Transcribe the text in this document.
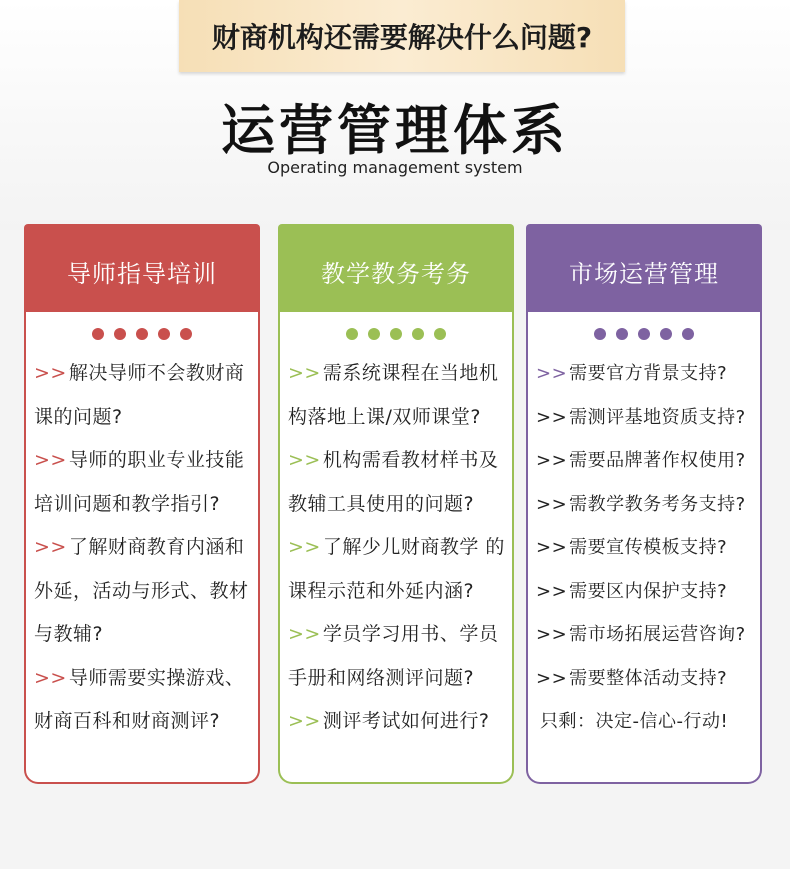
财商机构还需要解决什么问题?
运营管理体系
Operating management system
导师指导培训
>> 解决导师不会教财商课的问题?
>> 导师的职业专业技能培训问题和教学指引?
>> 了解财商教育内涵和外延，活动与形式、教材与教辅?
>> 导师需要实操游戏、财商百科和财商测评?
教学教务考务
>> 需系统课程在当地机构落地上课/双师课堂?
>> 机构需看教材样书及教辅工具使用的问题?
>> 了解少儿财商教学 的课程示范和外延内涵?
>> 学员学习用书、学员手册和网络测评问题?
>> 测评考试如何进行?
市场运营管理
>> 需要官方背景支持?
>> 需测评基地资质支持?
>> 需要品牌著作权使用?
>> 需教学教务考务支持?
>> 需要宣传模板支持?
>> 需要区内保护支持?
>> 需市场拓展运营咨询?
>> 需要整体活动支持?
只剩：决定-信心-行动!
